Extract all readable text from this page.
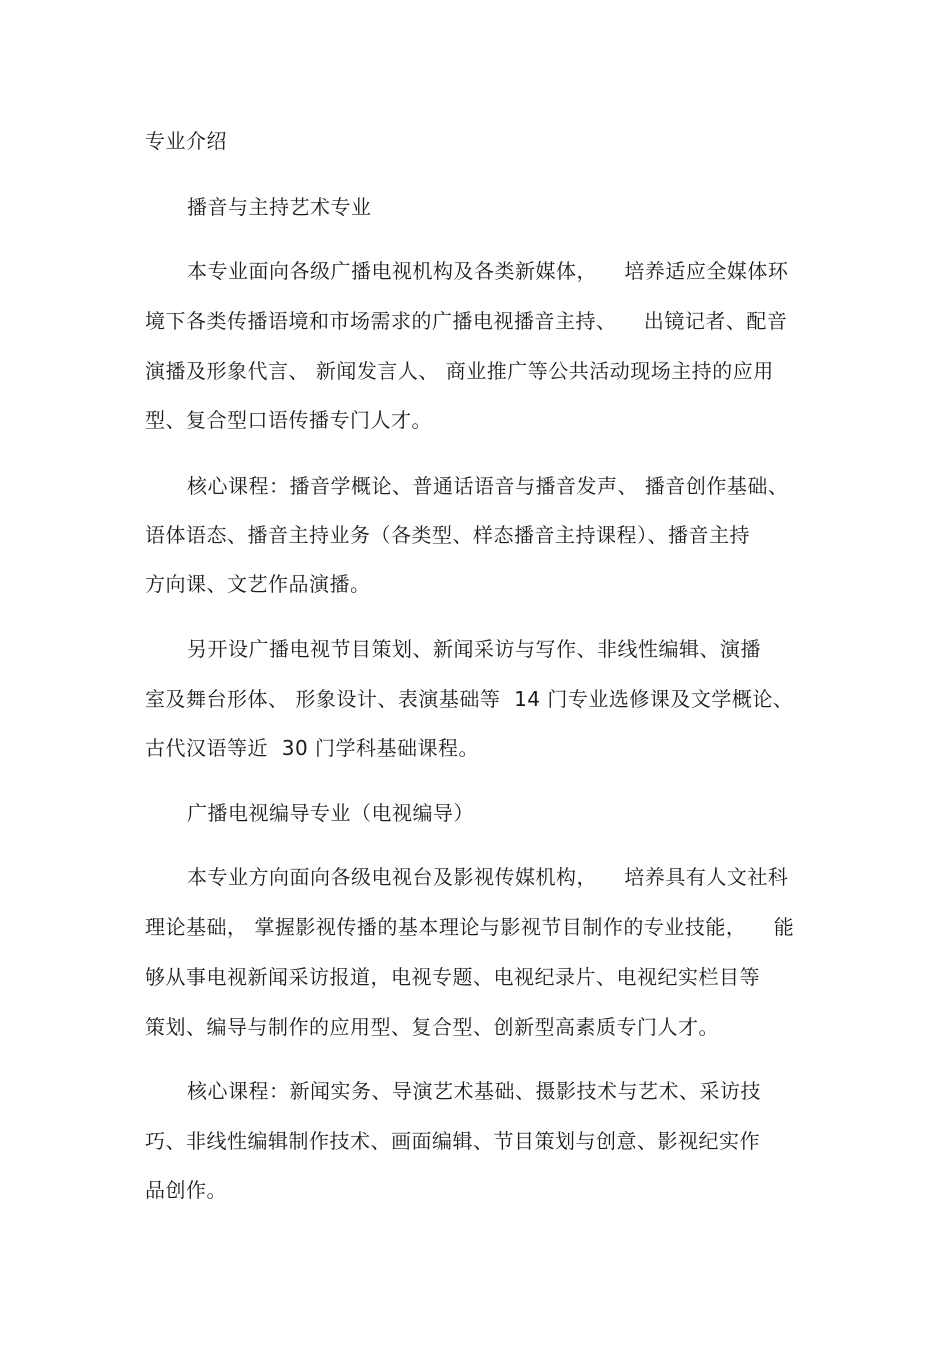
专业介绍
播音与主持艺术专业
本专业面向各级广播电视机构及各类新媒体，    培养适应全媒体环
境下各类传播语境和市场需求的广播电视播音主持、    出镜记者、配音
演播及形象代言、 新闻发言人、 商业推广等公共活动现场主持的应用
型、复合型口语传播专门人才。
核心课程：播音学概论、普通话语音与播音发声、 播音创作基础、
语体语态、播音主持业务（各类型、样态播音主持课程）、播音主持
方向课、文艺作品演播。
另开设广播电视节目策划、新闻采访与写作、非线性编辑、演播
室及舞台形体、 形象设计、表演基础等  14 门专业选修课及文学概论、
古代汉语等近  30 门学科基础课程。
广播电视编导专业（电视编导）
本专业方向面向各级电视台及影视传媒机构，    培养具有人文社科
理论基础， 掌握影视传播的基本理论与影视节目制作的专业技能，    能
够从事电视新闻采访报道，电视专题、电视纪录片、电视纪实栏目等
策划、编导与制作的应用型、复合型、创新型高素质专门人才。
核心课程：新闻实务、导演艺术基础、摄影技术与艺术、采访技
巧、非线性编辑制作技术、画面编辑、节目策划与创意、影视纪实作
品创作。
